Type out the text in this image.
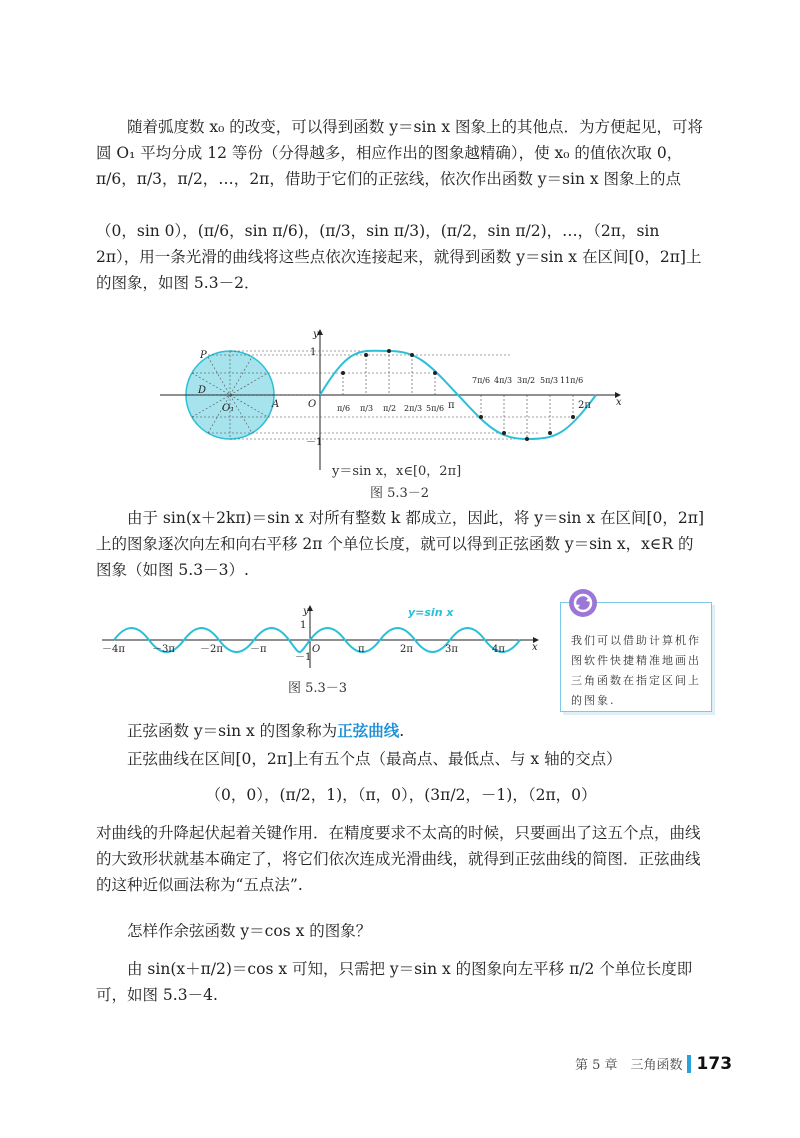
随着弧度数 x₀ 的改变，可以得到函数 y＝sin x 图象上的其他点．为方便起见，可将圆 O₁ 平均分成 12 等份（分得越多，相应作出的图象越精确），使 x₀ 的值依次取 0，π/6，π/3，π/2，…，2π，借助于它们的正弦线，依次作出函数 y＝sin x 图象上的点

（0，sin 0），(π/6，sin π/6)，(π/3，sin π/3)，(π/2，sin π/2)，…，（2π，sin 2π），用一条光滑的曲线将这些点依次连接起来，就得到函数 y＝sin x 在区间[0，2π]上的图象，如图 5.3－2．

y
x
1
－1
O
P
D
O₁	A	π	2π
π/6 π/3 π/2 2π/3 5π/6
7π/6 4π/3 3π/2 5π/3 11π/6
y＝sin x，x∈[0，2π]
图 5.3－2

由于 sin(x＋2kπ)＝sin x 对所有整数 k 都成立，因此，将 y＝sin x 在区间[0，2π]上的图象逐次向左和向右平移 2π 个单位长度，就可以得到正弦函数 y＝sin x，x∈R 的图象（如图 5.3－3）.

y
x
1
－1
O
－4π	－3π	－2π	－π	π	2π	3π	4π
y=sin x
图 5.3－3
我们可以借助计算机作图软件快捷精准地画出三角函数在指定区间上的图象.

正弦函数 y＝sin x 的图象称为正弦曲线.

正弦曲线在区间[0，2π]上有五个点（最高点、最低点、与 x 轴的交点）

（0，0），(π/2，1)，（π，0），(3π/2，－1)，（2π，0）

对曲线的升降起伏起着关键作用．在精度要求不太高的时候，只要画出了这五个点，曲线的大致形状就基本确定了，将它们依次连成光滑曲线，就得到正弦曲线的简图．正弦曲线的这种近似画法称为“五点法”.

怎样作余弦函数 y＝cos x 的图象？

由 sin(x＋π/2)＝cos x 可知，只需把 y＝sin x 的图象向左平移 π/2 个单位长度即可，如图 5.3－4.

第 5 章　三角函数 173
